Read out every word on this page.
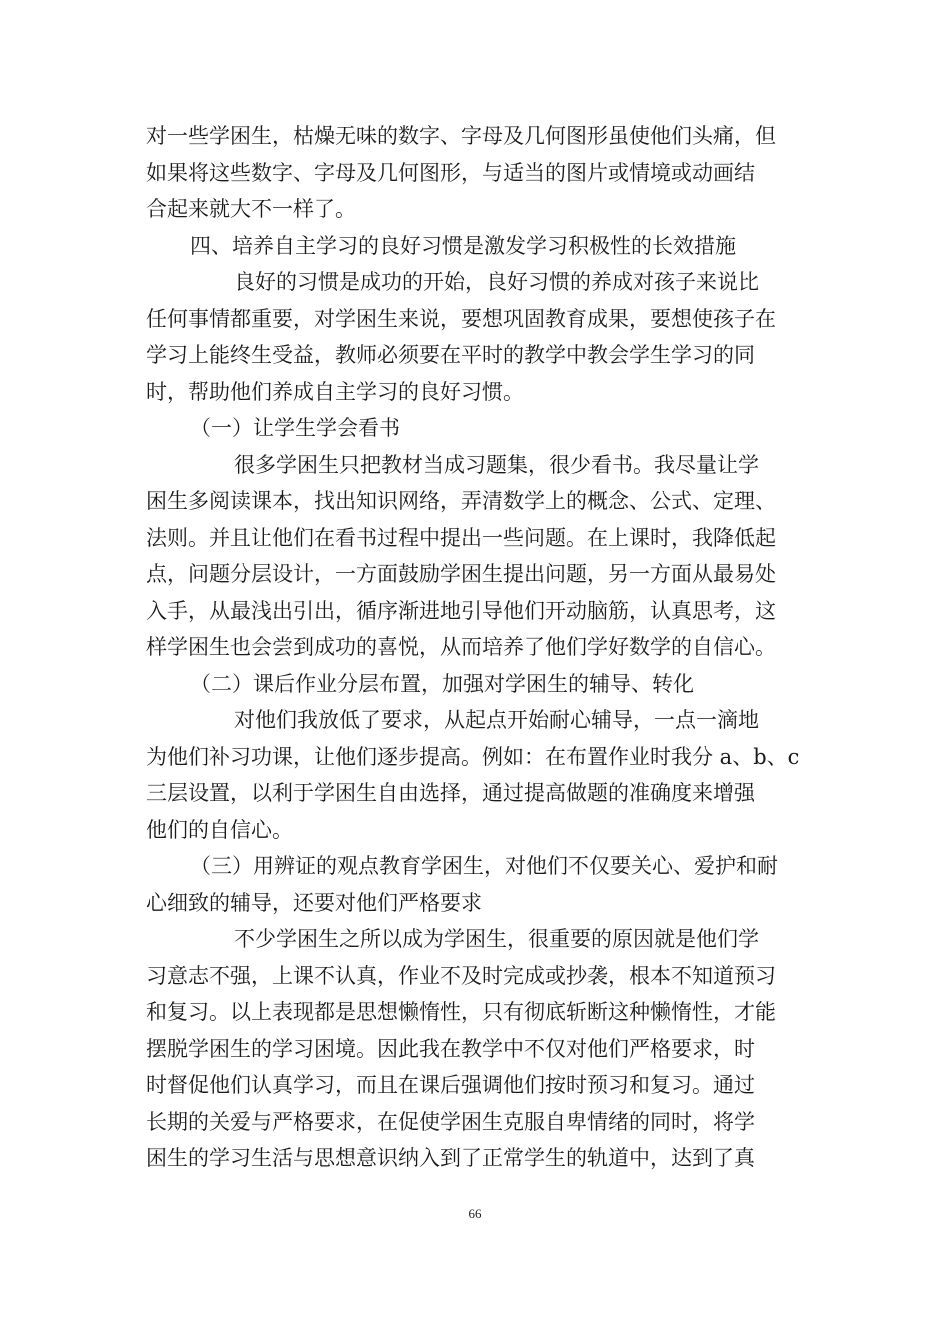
对一些学困生，枯燥无味的数字、字母及几何图形虽使他们头痛，但
如果将这些数字、字母及几何图形，与适当的图片或情境或动画结
合起来就大不一样了。
四、培养自主学习的良好习惯是激发学习积极性的长效措施
良好的习惯是成功的开始，良好习惯的养成对孩子来说比
任何事情都重要，对学困生来说，要想巩固教育成果，要想使孩子在
学习上能终生受益，教师必须要在平时的教学中教会学生学习的同
时，帮助他们养成自主学习的良好习惯。
（一）让学生学会看书
很多学困生只把教材当成习题集，很少看书。我尽量让学
困生多阅读课本，找出知识网络，弄清数学上的概念、公式、定理、
法则。并且让他们在看书过程中提出一些问题。在上课时，我降低起
点，问题分层设计，一方面鼓励学困生提出问题，另一方面从最易处
入手，从最浅出引出，循序渐进地引导他们开动脑筋，认真思考，这
样学困生也会尝到成功的喜悦，从而培养了他们学好数学的自信心。
（二）课后作业分层布置，加强对学困生的辅导、转化
对他们我放低了要求，从起点开始耐心辅导，一点一滴地
为他们补习功课，让他们逐步提高。例如：在布置作业时我分 a、b、c
三层设置，以利于学困生自由选择，通过提高做题的准确度来增强
他们的自信心。
（三）用辨证的观点教育学困生，对他们不仅要关心、爱护和耐
心细致的辅导，还要对他们严格要求
不少学困生之所以成为学困生，很重要的原因就是他们学
习意志不强，上课不认真，作业不及时完成或抄袭，根本不知道预习
和复习。以上表现都是思想懒惰性，只有彻底斩断这种懒惰性，才能
摆脱学困生的学习困境。因此我在教学中不仅对他们严格要求，时
时督促他们认真学习，而且在课后强调他们按时预习和复习。通过
长期的关爱与严格要求，在促使学困生克服自卑情绪的同时，将学
困生的学习生活与思想意识纳入到了正常学生的轨道中，达到了真
66
